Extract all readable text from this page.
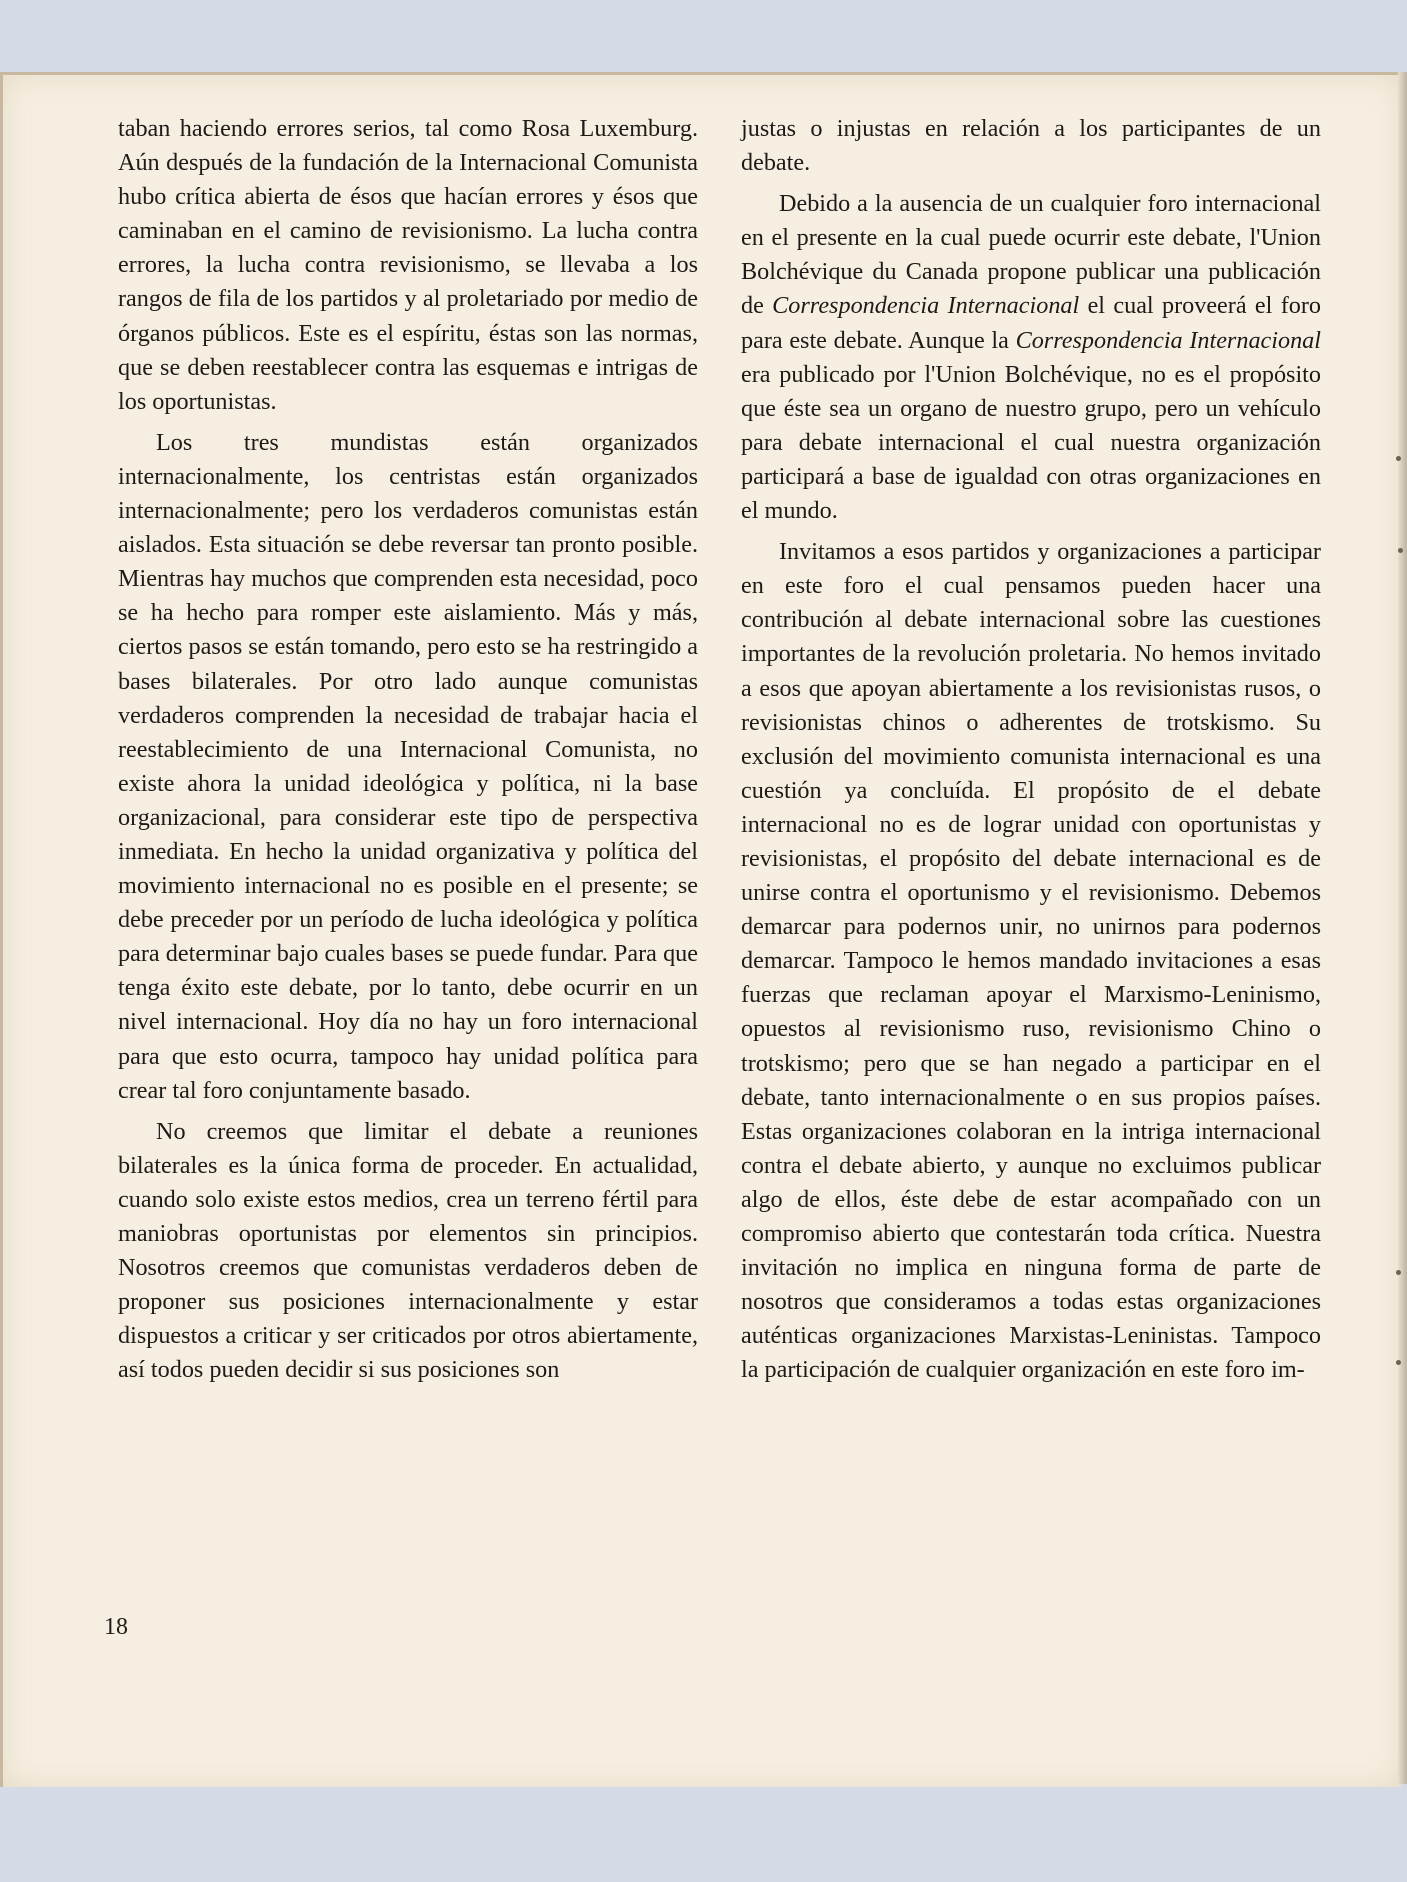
taban haciendo errores serios, tal como Rosa Luxemburg. Aún después de la fundación de la Internacional Comunista hubo crítica abierta de ésos que hacían errores y ésos que caminaban en el camino de revisionismo. La lucha contra errores, la lucha contra revisionismo, se llevaba a los rangos de fila de los partidos y al proletariado por medio de órganos públicos. Este es el espíritu, éstas son las normas, que se deben reestablecer contra las esquemas e intrigas de los oportunistas.

Los tres mundistas están organizados internacionalmente, los centristas están organizados internacionalmente; pero los verdaderos comunistas están aislados. Esta situación se debe reversar tan pronto posible. Mientras hay muchos que comprenden esta necesidad, poco se ha hecho para romper este aislamiento. Más y más, ciertos pasos se están tomando, pero esto se ha restringido a bases bilaterales. Por otro lado aunque comunistas verdaderos comprenden la necesidad de trabajar hacia el reestablecimiento de una Internacional Comunista, no existe ahora la unidad ideológica y política, ni la base organizacional, para considerar este tipo de perspectiva inmediata. En hecho la unidad organizativa y política del movimiento internacional no es posible en el presente; se debe preceder por un período de lucha ideológica y política para determinar bajo cuales bases se puede fundar. Para que tenga éxito este debate, por lo tanto, debe ocurrir en un nivel internacional. Hoy día no hay un foro internacional para que esto ocurra, tampoco hay unidad política para crear tal foro conjuntamente basado.

No creemos que limitar el debate a reuniones bilaterales es la única forma de proceder. En actualidad, cuando solo existe estos medios, crea un terreno fértil para maniobras oportunistas por elementos sin principios. Nosotros creemos que comunistas verdaderos deben de proponer sus posiciones internacionalmente y estar dispuestos a criticar y ser criticados por otros abiertamente, así todos pueden decidir si sus posiciones son

justas o injustas en relación a los participantes de un debate.

Debido a la ausencia de un cualquier foro internacional en el presente en la cual puede ocurrir este debate, l'Union Bolchévique du Canada propone publicar una publicación de Correspondencia Internacional el cual proveerá el foro para este debate. Aunque la Correspondencia Internacional era publicado por l'Union Bolchévique, no es el propósito que éste sea un organo de nuestro grupo, pero un vehículo para debate internacional el cual nuestra organización participará a base de igualdad con otras organizaciones en el mundo.

Invitamos a esos partidos y organizaciones a participar en este foro el cual pensamos pueden hacer una contribución al debate internacional sobre las cuestiones importantes de la revolución proletaria. No hemos invitado a esos que apoyan abiertamente a los revisionistas rusos, o revisionistas chinos o adherentes de trotskismo. Su exclusión del movimiento comunista internacional es una cuestión ya concluída. El propósito de el debate internacional no es de lograr unidad con oportunistas y revisionistas, el propósito del debate internacional es de unirse contra el oportunismo y el revisionismo. Debemos demarcar para podernos unir, no unirnos para podernos demarcar. Tampoco le hemos mandado invitaciones a esas fuerzas que reclaman apoyar el Marxismo-Leninismo, opuestos al revisionismo ruso, revisionismo Chino o trotskismo; pero que se han negado a participar en el debate, tanto internacionalmente o en sus propios países. Estas organizaciones colaboran en la intriga internacional contra el debate abierto, y aunque no excluimos publicar algo de ellos, éste debe de estar acompañado con un compromiso abierto que contestarán toda crítica. Nuestra invitación no implica en ninguna forma de parte de nosotros que consideramos a todas estas organizaciones auténticas organizaciones Marxistas-Leninistas. Tampoco la participación de cualquier organización en este foro im-

18
